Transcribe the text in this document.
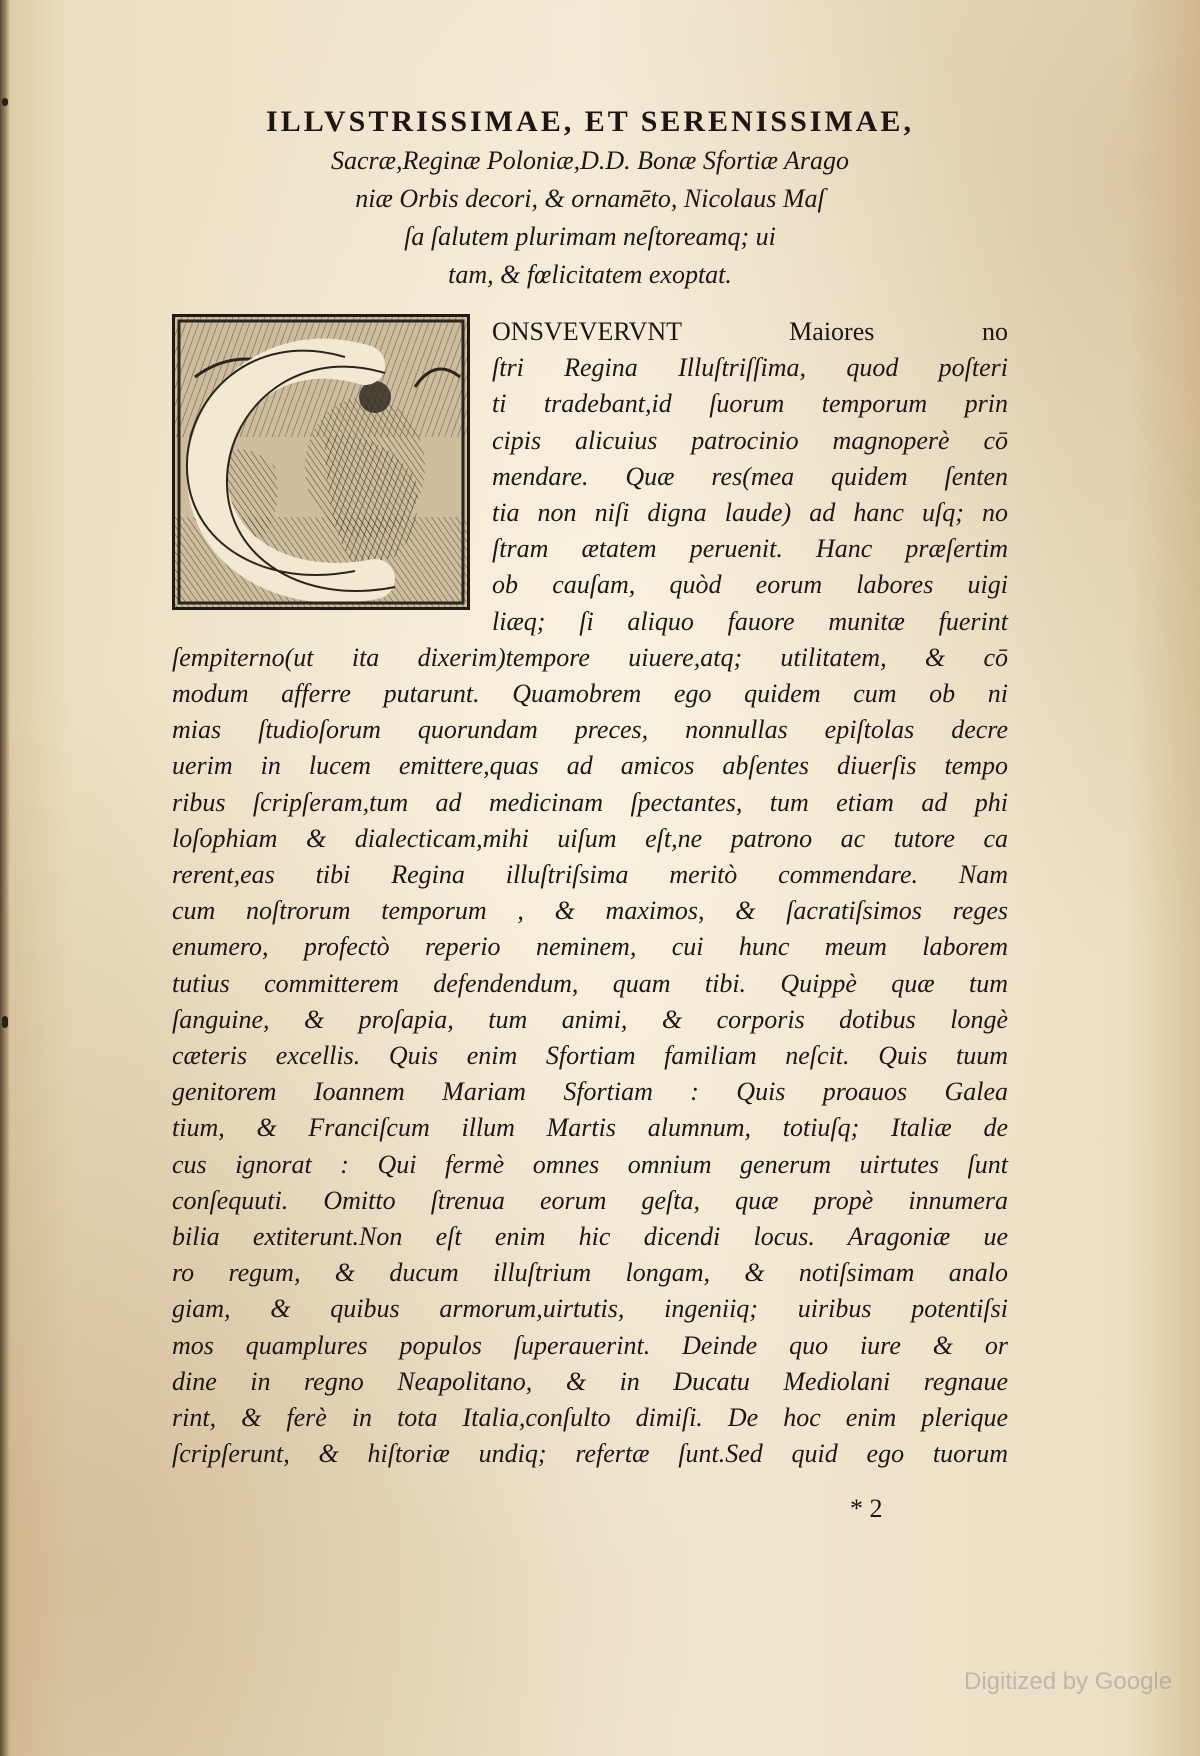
ILLVSTRISSIMAE, ET SERENISSIMAE,

Sacræ,Reginæ Poloniæ,D.D. Bonæ Sfortiæ Arago

niæ Orbis decori, & ornamēto, Nicolaus Maſ

ſa ſalutem plurimam neſtoreamq; ui

tam, & fœlicitatem exoptat.

ONSVEVERVNT Maiores no

ſtri Regina Illuſtriſſima, quod poſteri

ti tradebant,id ſuorum temporum prin

cipis alicuius patrocinio magnoperè cō

mendare. Quæ res(mea quidem ſenten

tia non niſi digna laude) ad hanc uſq; no

ſtram ætatem peruenit. Hanc præſertim

ob cauſam, quòd eorum labores uigi

liæq; ſi aliquo fauore munitæ fuerint

ſempiterno(ut ita dixerim)tempore uiuere,atq; utilitatem, & cō

modum afferre putarunt. Quamobrem ego quidem cum ob ni

mias ſtudioſorum quorundam preces, nonnullas epiſtolas decre

uerim in lucem emittere,quas ad amicos abſentes diuerſis tempo

ribus ſcripſeram,tum ad medicinam ſpectantes, tum etiam ad phi

loſophiam & dialecticam,mihi uiſum eſt,ne patrono ac tutore ca

rerent,eas tibi Regina illuſtriſsima meritò commendare. Nam

cum noſtrorum temporum , & maximos, & ſacratiſsimos reges

enumero, profectò reperio neminem, cui hunc meum laborem

tutius committerem defendendum, quam tibi. Quippè quæ tum

ſanguine, & proſapia, tum animi, & corporis dotibus longè

cæteris excellis. Quis enim Sfortiam familiam neſcit. Quis tuum

genitorem Ioannem Mariam Sfortiam : Quis proauos Galea

tium, & Franciſcum illum Martis alumnum, totiuſq; Italiæ de

cus ignorat : Qui fermè omnes omnium generum uirtutes ſunt

conſequuti. Omitto ſtrenua eorum geſta, quæ propè innumera

bilia extiterunt.Non eſt enim hic dicendi locus. Aragoniæ ue

ro regum, & ducum illuſtrium longam, & notiſsimam analo

giam, & quibus armorum,uirtutis, ingeniiq; uiribus potentiſsi

mos quamplures populos ſuperauerint. Deinde quo iure & or

dine in regno Neapolitano, & in Ducatu Mediolani regnaue

rint, & ferè in tota Italia,conſulto dimiſi. De hoc enim plerique

ſcripſerunt, & hiſtoriæ undiq; refertæ ſunt.Sed quid ego tuorum

* 2
Digitized by Google
